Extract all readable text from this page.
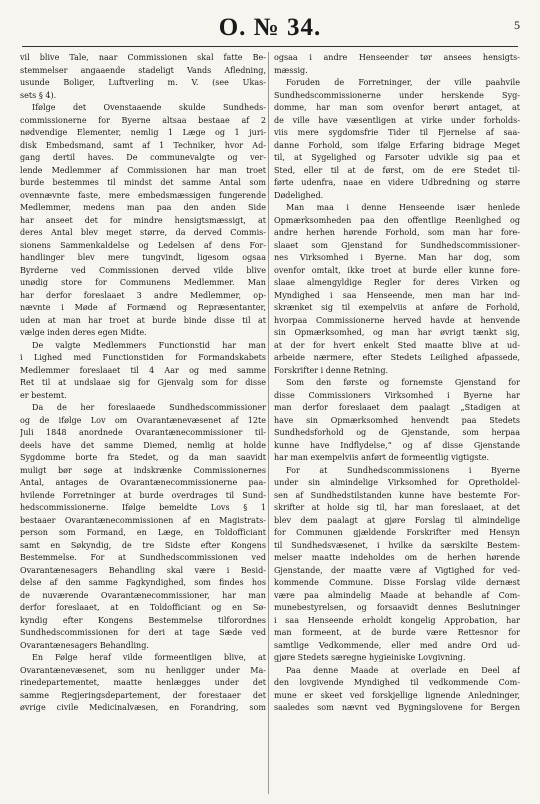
O. № 34.	5
vil blive Tale, naar Commissionen skal fatte Be-
stemmelser angaaende stadeligt Vands Afledning,
usunde Boliger, Luftverling m. V. (see Ukas-
sets § 4).
Ifølge det Ovenstaaende skulde Sundheds-
commissionerne for Byerne altsaa bestaae af 2
nødvendige Elementer, nemlig 1 Læge og 1 juri-
disk Embedsmand, samt af 1 Techniker, hvor Ad-
gang dertil haves. De communevalgte og ver-
lende Medlemmer af Commissionen har man troet
burde bestemmes til mindst det samme Antal som
ovennævnte faste, mere embedsmæssigen fungerende
Medlemmer, medens man paa den anden Side
har anseet det for mindre hensigtsmæssigt, at
deres Antal blev meget større, da derved Commis-
sionens Sammenkaldelse og Ledelsen af dens For-
handlinger blev mere tungvindt, ligesom ogsaa
Byrderne ved Commissionen derved vilde blive
unødig store for Communens Medlemmer. Man
har derfor foreslaaet 3 andre Medlemmer, op-
nævnte i Møde af Formænd og Repræsentanter,
uden at man har troet at burde binde disse til at
vælge inden deres egen Midte.
De valgte Medlemmers Functionstid har man
i Lighed med Functionstiden for Formandskabets
Medlemmer foreslaaet til 4 Aar og med samme
Ret til at undslaae sig for Gjenvalg som for disse
er bestemt.
Da de her foreslaaede Sundhedscommissioner
og de ifølge Lov om Ovarantænevæsenet af 12te
Juli 1848 anordnede Ovarantænecommissioner til-
deels have det samme Diemed, nemlig at holde
Sygdomme borte fra Stedet, og da man saavidt
muligt bør søge at indskrænke Commissionernes
Antal, antages de Ovarantænecommissionerne paa-
hvilende Forretninger at burde overdrages til Sund-
hedscommissionerne. Ifølge bemeldte Lovs § 1
bestaaer Ovarantænecommissionen af en Magistrats-
person som Formand, en Læge, en Toldofficiant
samt en Søkyndig, de tre Sidste efter Kongens
Bestemmelse. For at Sundhedscommissionen ved
Ovarantænesagers Behandling skal være i Besid-
delse af den samme Fagkyndighed, som findes hos
de nuværende Ovarantænecommissioner, har man
derfor foreslaaet, at en Toldofficiant og en Sø-
kyndig efter Kongens Bestemmelse tilforordnes
Sundhedscommissionen for deri at tage Sæde ved
Ovarantænesagers Behandling.
En Følge heraf vilde formeentligen blive, at
Ovarantænevæsenet, som nu henligger under Ma-
rinedepartementet, maatte henlægges under det
samme Regjeringsdepartement, der forestaaer det
øvrige civile Medicinalvæsen, en Forandring, som
ogsaa i andre Henseender tør ansees hensigts-
mæssig.
Foruden de Forretninger, der ville paahvile
Sundhedscommissionerne under herskende Syg-
domme, har man som ovenfor berørt antaget, at
de ville have væsentligen at virke under forholds-
viis mere sygdomsfrie Tider til Fjernelse af saa-
danne Forhold, som ifølge Erfaring bidrage Meget
til, at Sygelighed og Farsoter udvikle sig paa et
Sted, eller til at de først, om de ere Stedet til-
førte udenfra, naae en videre Udbredning og større
Dødelighed.
Man maa i denne Henseende især henlede
Opmærksomheden paa den offentlige Reenlighed og
andre herhen hørende Forhold, som man har fore-
slaaet som Gjenstand for Sundhedscommissioner-
nes Virksomhed i Byerne. Man har dog, som
ovenfor omtalt, ikke troet at burde eller kunne fore-
slaae almengyldige Regler for deres Virken og
Myndighed i saa Henseende, men man har ind-
skrænket sig til exempelviis at anføre de Forhold,
hvorpaa Commissionerne herved havde at henvende
sin Opmærksomhed, og man har øvrigt tænkt sig,
at der for hvert enkelt Sted maatte blive at ud-
arbeide nærmere, efter Stedets Leilighed afpassede,
Forskrifter i denne Retning.
Som den første og fornemste Gjenstand for
disse Commissioners Virksomhed i Byerne har
man derfor foreslaaet dem paalagt „Stadigen at
have sin Opmærksomhed henvendt paa Stedets
Sundhedsforhold og de Gjenstande, som herpaa
kunne have Indflydelse,“ og af disse Gjenstande
har man exempelviis anført de formeentlig vigtigste.
For at Sundhedscommissionens i Byerne
under sin almindelige Virksomhed for Opretholdel-
sen af Sundhedstilstanden kunne have bestemte For-
skrifter at holde sig til, har man foreslaaet, at det
blev dem paalagt at gjøre Forslag til almindelige
for Communen gjældende Forskrifter med Hensyn
til Sundhedsvæsenet, i hvilke da særskilte Bestem-
melser maatte indeholdes om de herhen hørende
Gjenstande, der maatte være af Vigtighed for ved-
kommende Commune. Disse Forslag vilde dernæst
være paa almindelig Maade at behandle af Com-
munebestyrelsen, og forsaavidt dennes Beslutninger
i saa Henseende erholdt kongelig Approbation, har
man formeent, at de burde være Rettesnor for
samtlige Vedkommende, eller med andre Ord ud-
gjøre Stedets særegne hygieiniske Lovgivning.
Paa denne Maade at overlade en Deel af
den lovgivende Myndighed til vedkommende Com-
mune er skeet ved forskjellige lignende Anledninger,
saaledes som nævnt ved Bygningslovene for Bergen
